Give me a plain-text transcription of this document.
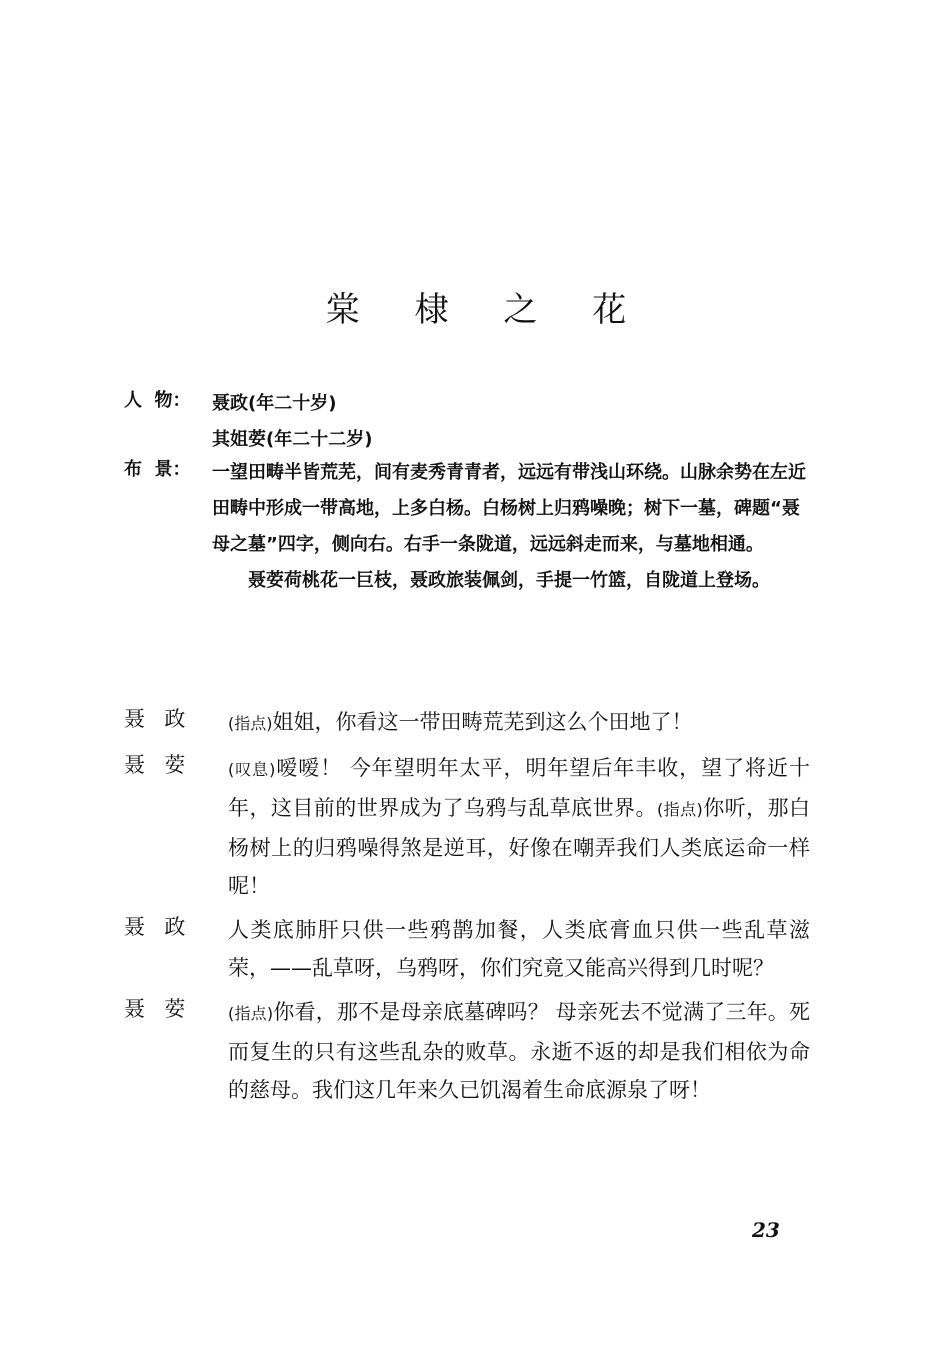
棠 棣 之 花
人  物：	聂政(年二十岁)
其姐荌(年二十二岁)
布  景：	一望田畴半皆荒芜，间有麦秀青青者，远远有带浅山环绕。山脉余势在左近田畴中形成一带高地，上多白杨。白杨树上归鸦噪晚；树下一墓，碑题“聂母之墓”四字，侧向右。右手一条陇道，远远斜走而来，与墓地相通。
聂荌荷桃花一巨枝，聂政旅装佩剑，手提一竹篮，自陇道上登场。
聂  政	(指点)姐姐，你看这一带田畴荒芜到这么个田地了！
聂  荌	(叹息)嗳嗳！ 今年望明年太平，明年望后年丰收，望了将近十年，这目前的世界成为了乌鸦与乱草底世界。(指点)你听，那白杨树上的归鸦噪得煞是逆耳，好像在嘲弄我们人类底运命一样呢！
聂  政	人类底肺肝只供一些鸦鹊加餐，人类底膏血只供一些乱草滋荣，——乱草呀，乌鸦呀，你们究竟又能高兴得到几时呢？
聂  荌	(指点)你看，那不是母亲底墓碑吗？ 母亲死去不觉满了三年。死而复生的只有这些乱杂的败草。永逝不返的却是我们相依为命的慈母。我们这几年来久已饥渴着生命底源泉了呀！
23
